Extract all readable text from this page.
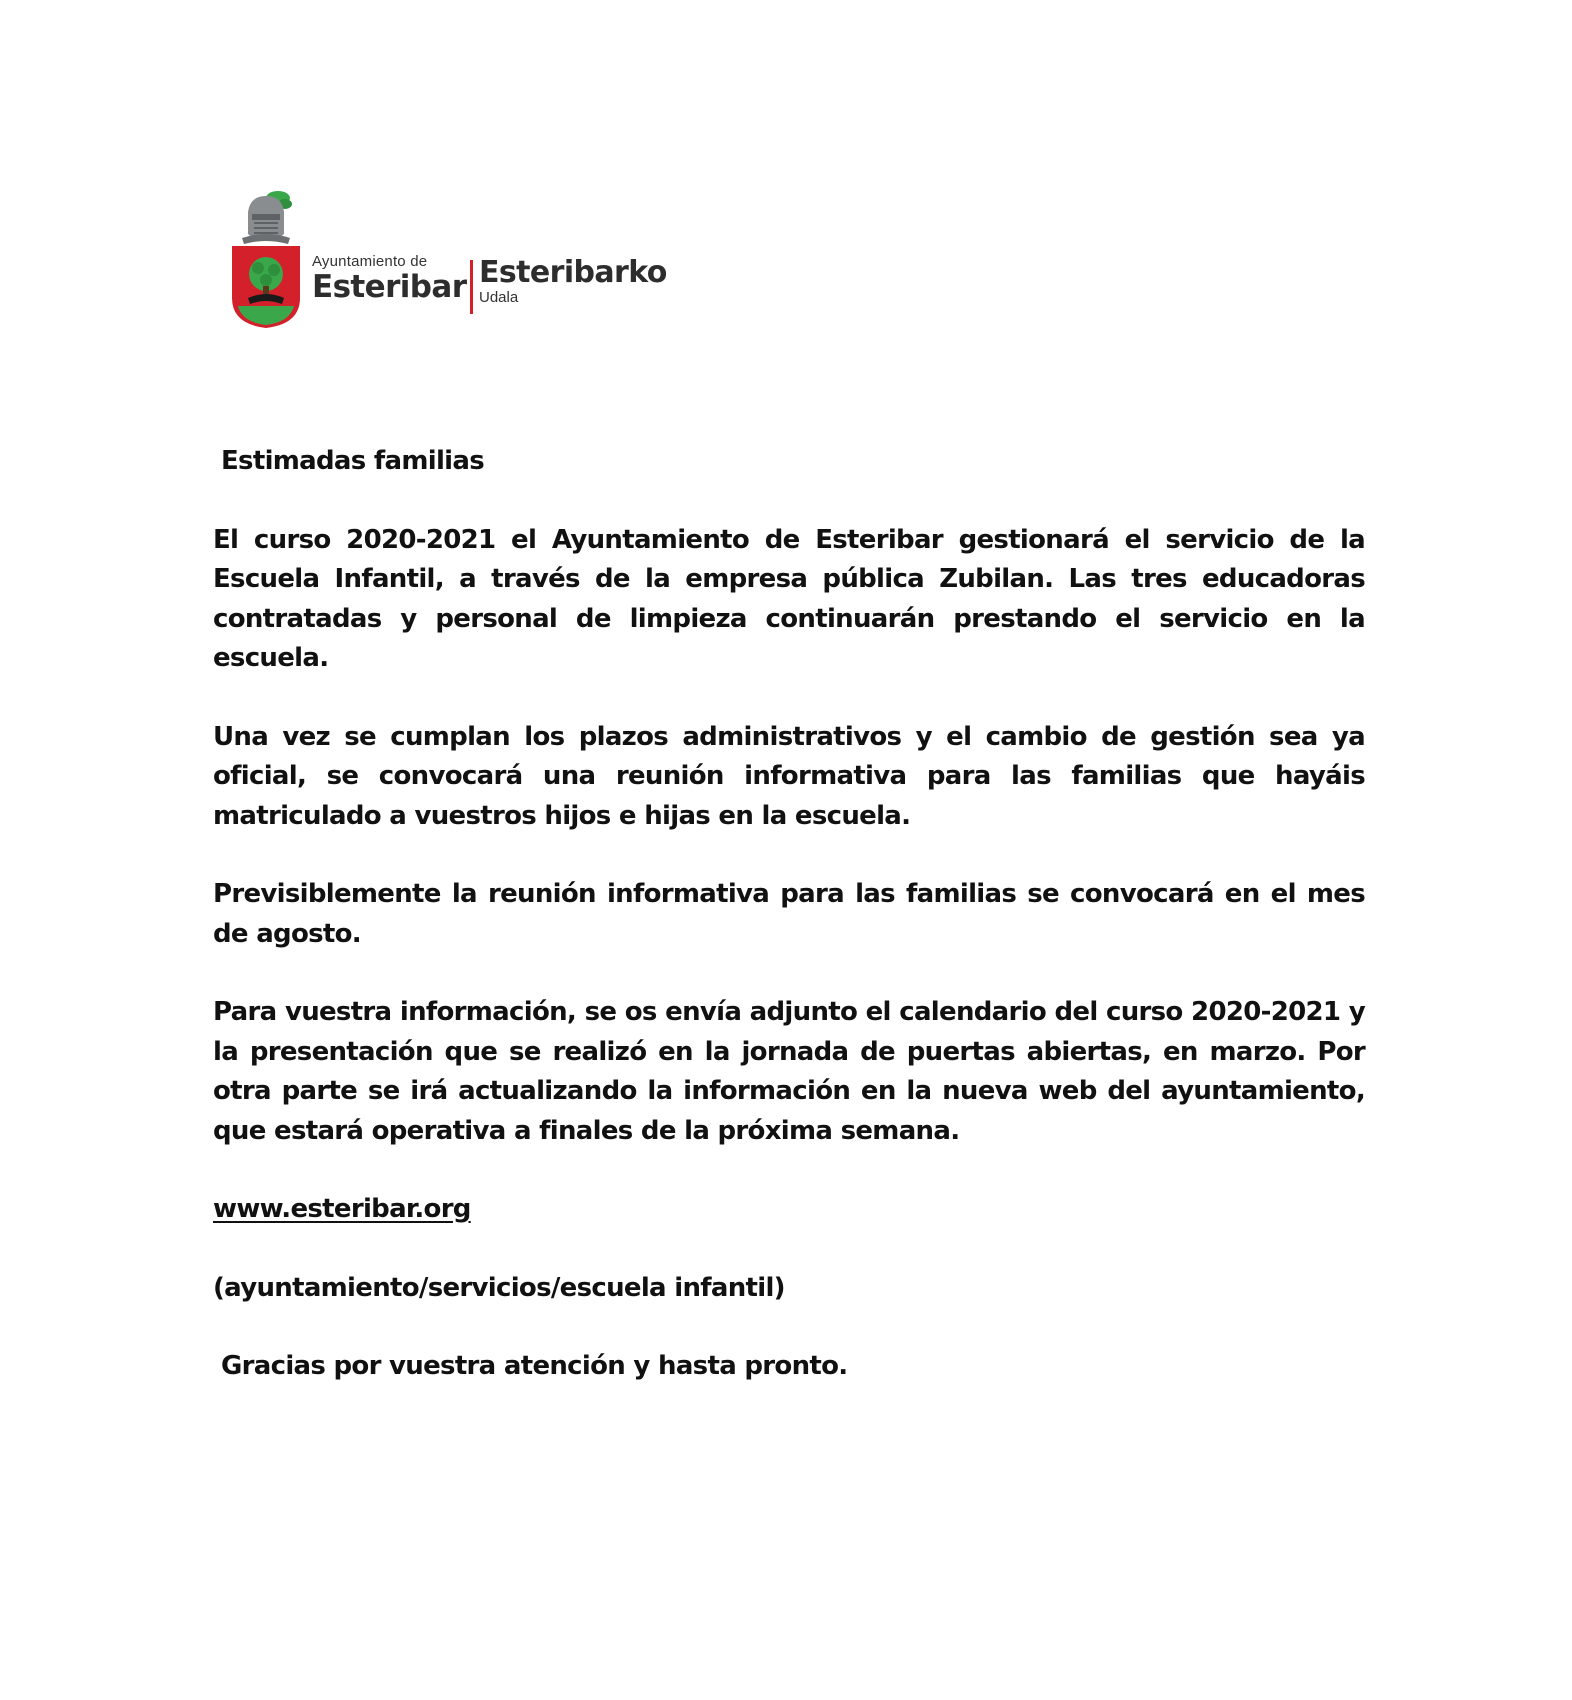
Ayuntamiento de
Esteribar Esteribarko
Udala

Estimadas familias

El curso 2020-2021 el Ayuntamiento de Esteribar gestionará el servicio de la Escuela Infantil, a través de la empresa pública Zubilan. Las tres educadoras contratadas y personal de limpieza continuarán prestando el servicio en la escuela.

Una vez se cumplan los plazos administrativos y el cambio de gestión sea ya oficial, se convocará una reunión informativa para las familias que hayáis matriculado a vuestros hijos e hijas en la escuela.

Previsiblemente la reunión informativa para las familias se convocará en el mes de agosto.

Para vuestra información, se os envía adjunto el calendario del curso 2020-2021 y la presentación que se realizó en la jornada de puertas abiertas, en marzo. Por otra parte se irá actualizando la información en la nueva web del ayuntamiento, que estará operativa a finales de la próxima semana.

www.esteribar.org

(ayuntamiento/servicios/escuela infantil)

Gracias por vuestra atención y hasta pronto.
